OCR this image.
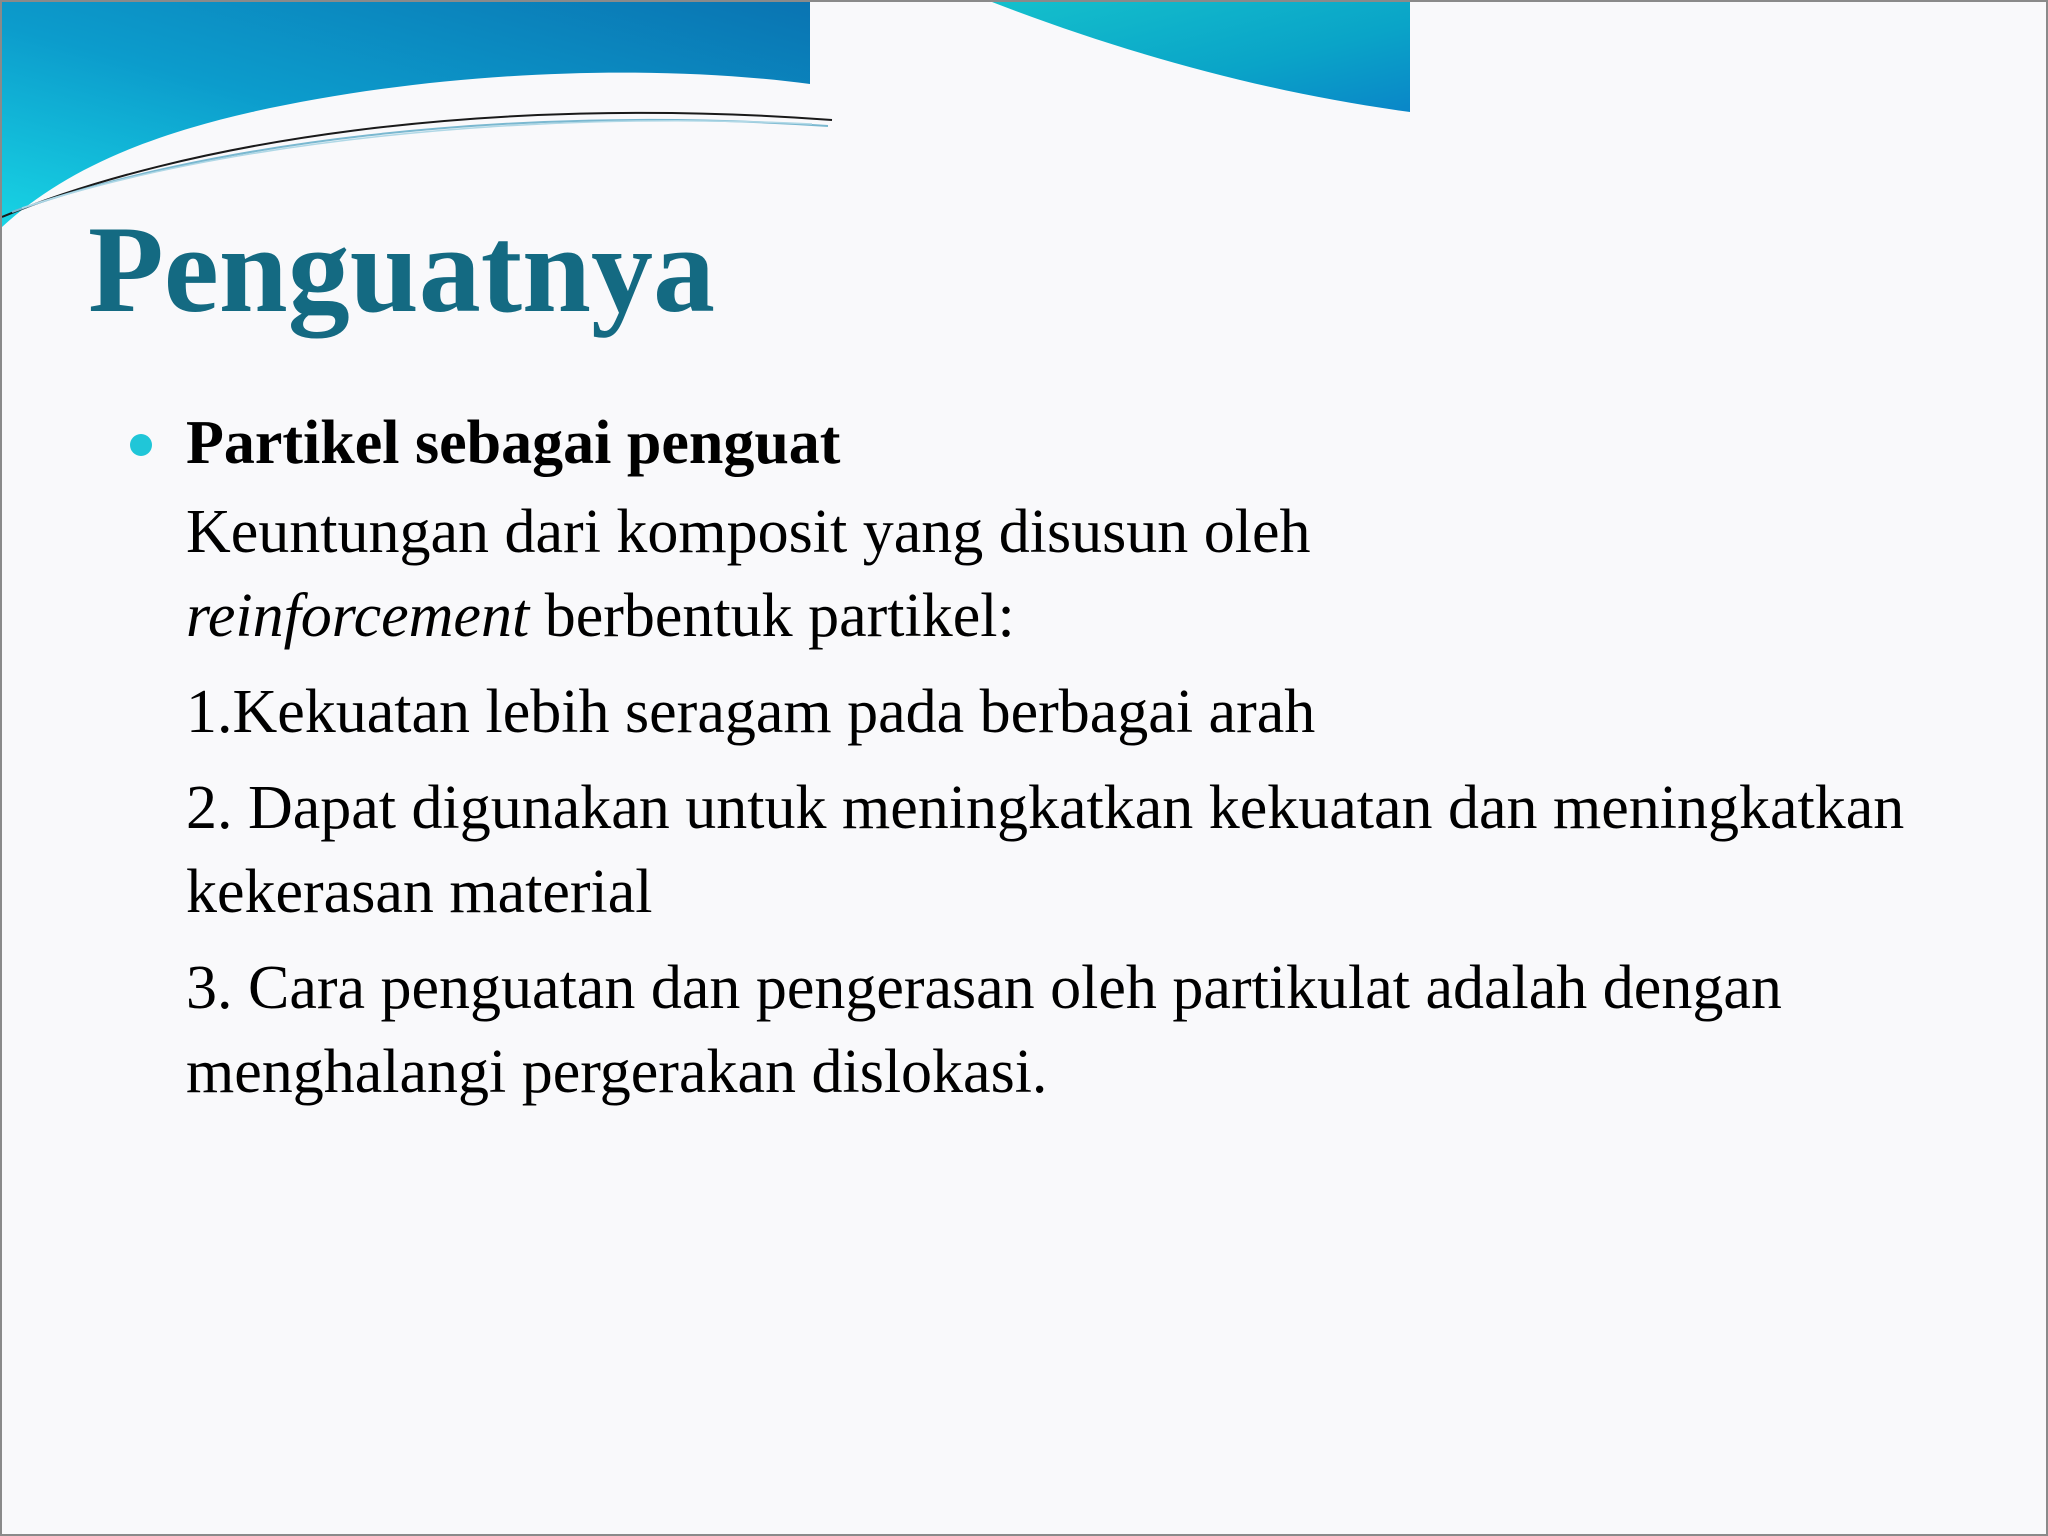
Penguatnya
Partikel sebagai penguat

Keuntungan dari komposit yang disusun oleh
reinforcement berbentuk partikel:

1.Kekuatan lebih seragam pada berbagai arah

2. Dapat digunakan untuk meningkatkan kekuatan dan meningkatkan kekerasan material

3. Cara penguatan dan pengerasan oleh partikulat adalah dengan menghalangi pergerakan dislokasi.
